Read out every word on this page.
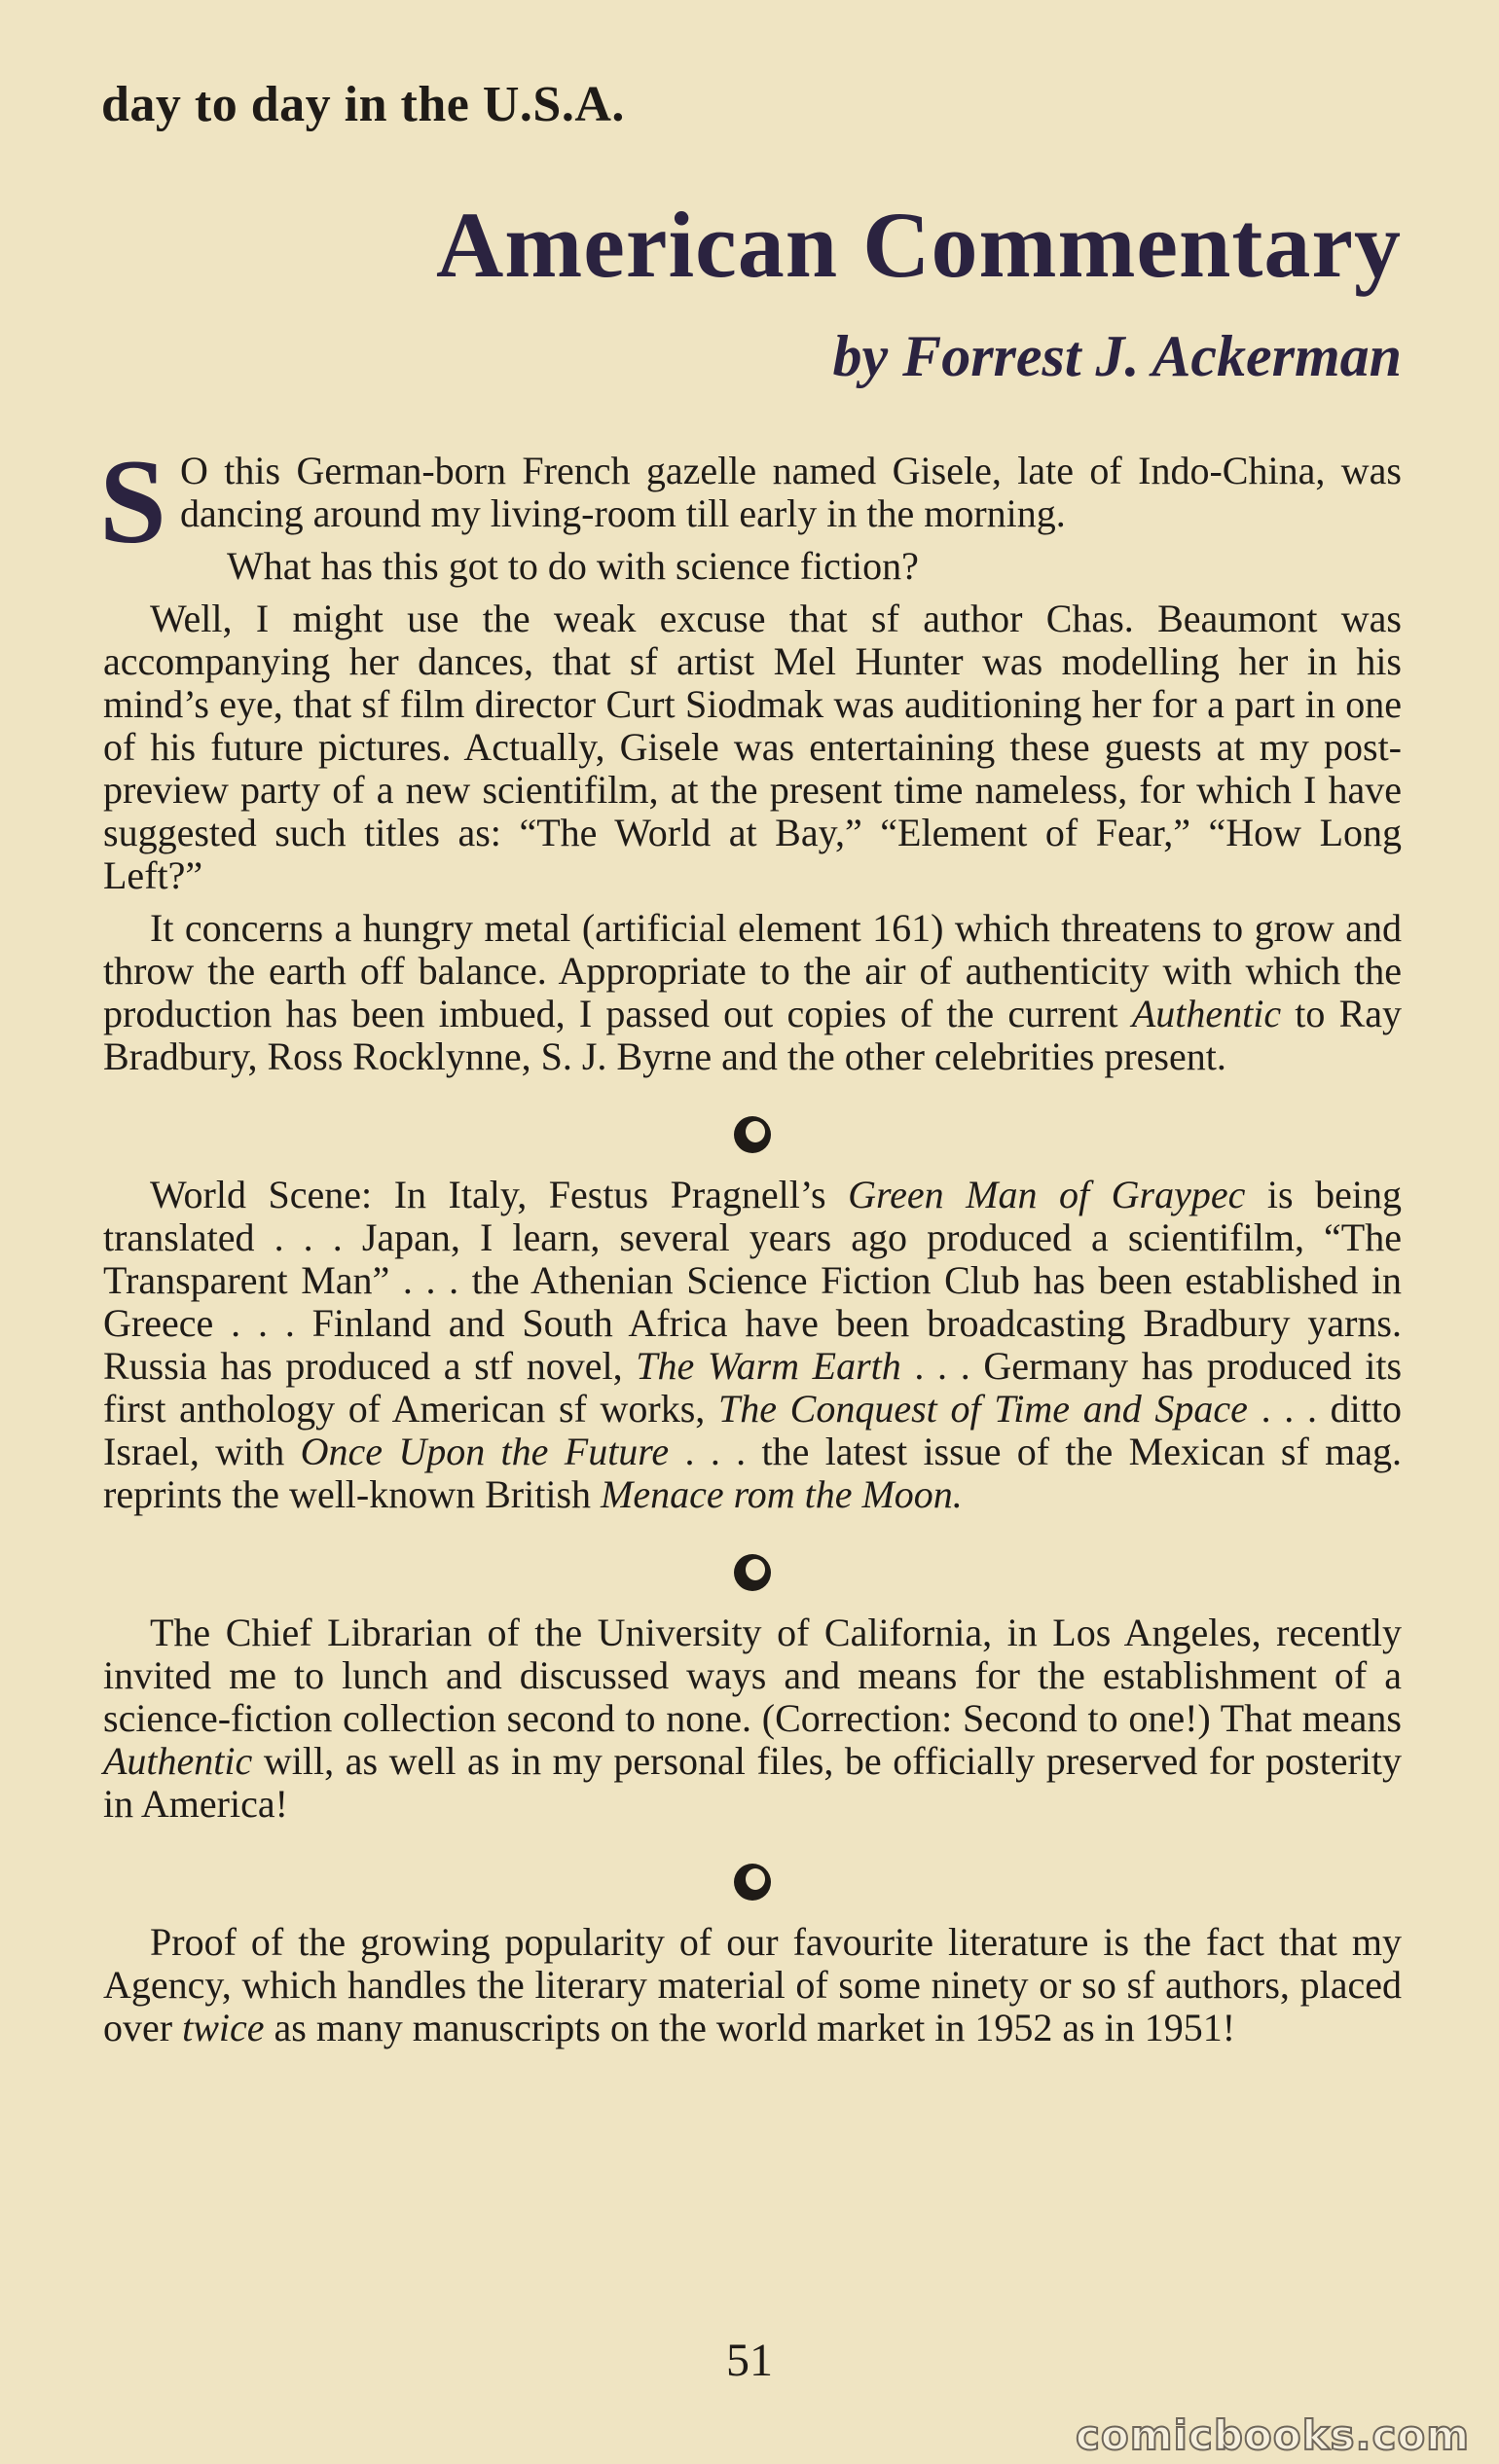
day to day in the U.S.A.
American Commentary
by Forrest J. Ackerman

S O this German-born French gazelle named Gisele, late of Indo-China, was dancing around my living-room till early in the morning.

What has this got to do with science fiction?

Well, I might use the weak excuse that sf author Chas. Beaumont was accompanying her dances, that sf artist Mel Hunter was modelling her in his mind’s eye, that sf film director Curt Siodmak was auditioning her for a part in one of his future pictures. Actually, Gisele was entertaining these guests at my post-preview party of a new scientifilm, at the present time nameless, for which I have suggested such titles as: “The World at Bay,” “Element of Fear,” “How Long Left?”

It concerns a hungry metal (artificial element 161) which threatens to grow and throw the earth off balance. Appropriate to the air of authenticity with which the production has been imbued, I passed out copies of the current Authentic to Ray Bradbury, Ross Rocklynne, S. J. Byrne and the other celebrities present.

World Scene: In Italy, Festus Pragnell’s Green Man of Graypec is being translated . . . Japan, I learn, several years ago produced a scientifilm, “The Transparent Man” . . . the Athenian Science Fiction Club has been established in Greece . . . Finland and South Africa have been broadcasting Bradbury yarns. Russia has produced a stf novel, The Warm Earth . . . Germany has produced its first anthology of American sf works, The Conquest of Time and Space . . . ditto Israel, with Once Upon the Future . . . the latest issue of the Mexican sf mag. reprints the well-known British Menace rom the Moon.

The Chief Librarian of the University of California, in Los Angeles, recently invited me to lunch and discussed ways and means for the establishment of a science-fiction collection second to none. (Correction: Second to one!) That means Authentic will, as well as in my personal files, be officially preserved for posterity in America!

Proof of the growing popularity of our favourite literature is the fact that my Agency, which handles the literary material of some ninety or so sf authors, placed over twice as many manuscripts on the world market in 1952 as in 1951!

51
comicbooks.com
